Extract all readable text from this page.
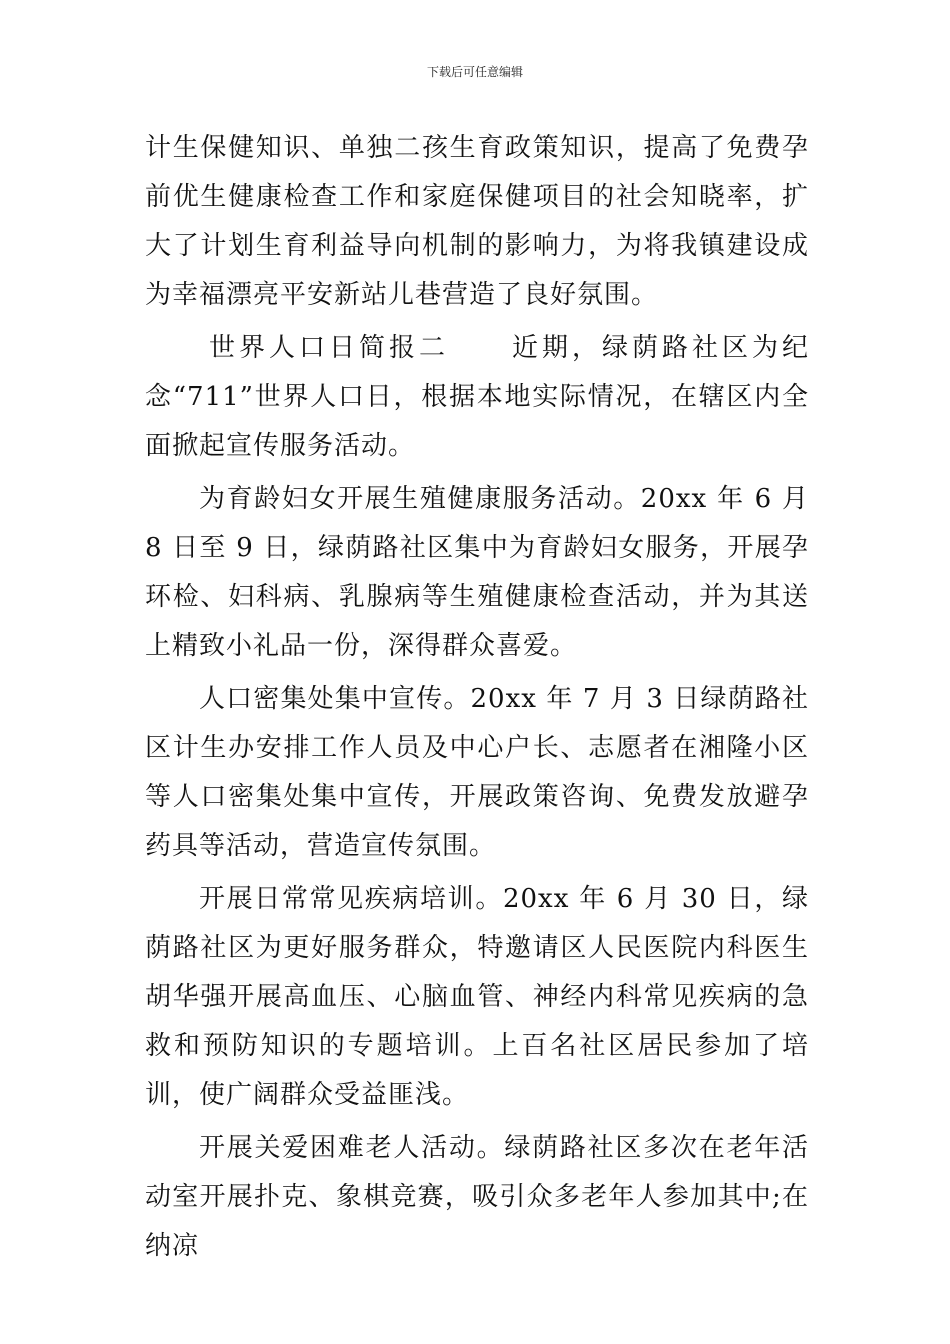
下载后可任意编辑

计生保健知识、单独二孩生育政策知识，提高了免费孕前优生健康检查工作和家庭保健项目的社会知晓率，扩大了计划生育利益导向机制的影响力，为将我镇建设成为幸福漂亮平安新站儿巷营造了良好氛围。

世界人口日简报二 近期，绿荫路社区为纪念“711”世界人口日，根据本地实际情况，在辖区内全面掀起宣传服务活动。

为育龄妇女开展生殖健康服务活动。20xx 年 6 月 8 日至 9 日，绿荫路社区集中为育龄妇女服务，开展孕环检、妇科病、乳腺病等生殖健康检查活动，并为其送上精致小礼品一份，深得群众喜爱。

人口密集处集中宣传。20xx 年 7 月 3 日绿荫路社区计生办安排工作人员及中心户长、志愿者在湘隆小区等人口密集处集中宣传，开展政策咨询、免费发放避孕药具等活动，营造宣传氛围。

开展日常常见疾病培训。20xx 年 6 月 30 日，绿荫路社区为更好服务群众，特邀请区人民医院内科医生胡华强开展高血压、心脑血管、神经内科常见疾病的急救和预防知识的专题培训。上百名社区居民参加了培训，使广阔群众受益匪浅。

开展关爱困难老人活动。绿荫路社区多次在老年活动室开展扑克、象棋竞赛，吸引众多老年人参加其中;在纳凉
